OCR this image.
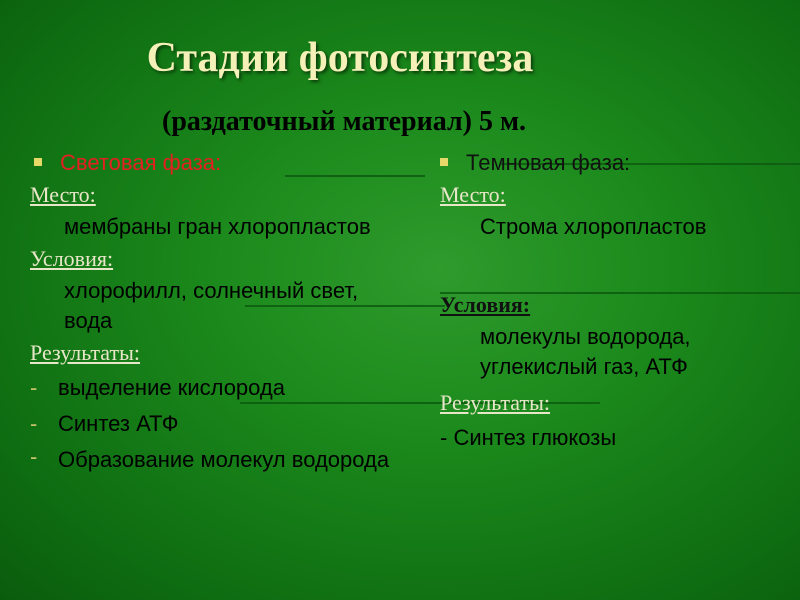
Стадии фотосинтеза
(раздаточный материал) 5 м.
Световая фаза:
Место:
мембраны гран хлоропластов
Условия:
хлорофилл, солнечный свет, вода
Результаты:
- выделение кислорода
- Синтез АТФ
- Образование молекул водорода
Темновая фаза:
Место:
Строма хлоропластов
Условия:
молекулы водорода, углекислый газ, АТФ
Результаты:
- Синтез глюкозы
